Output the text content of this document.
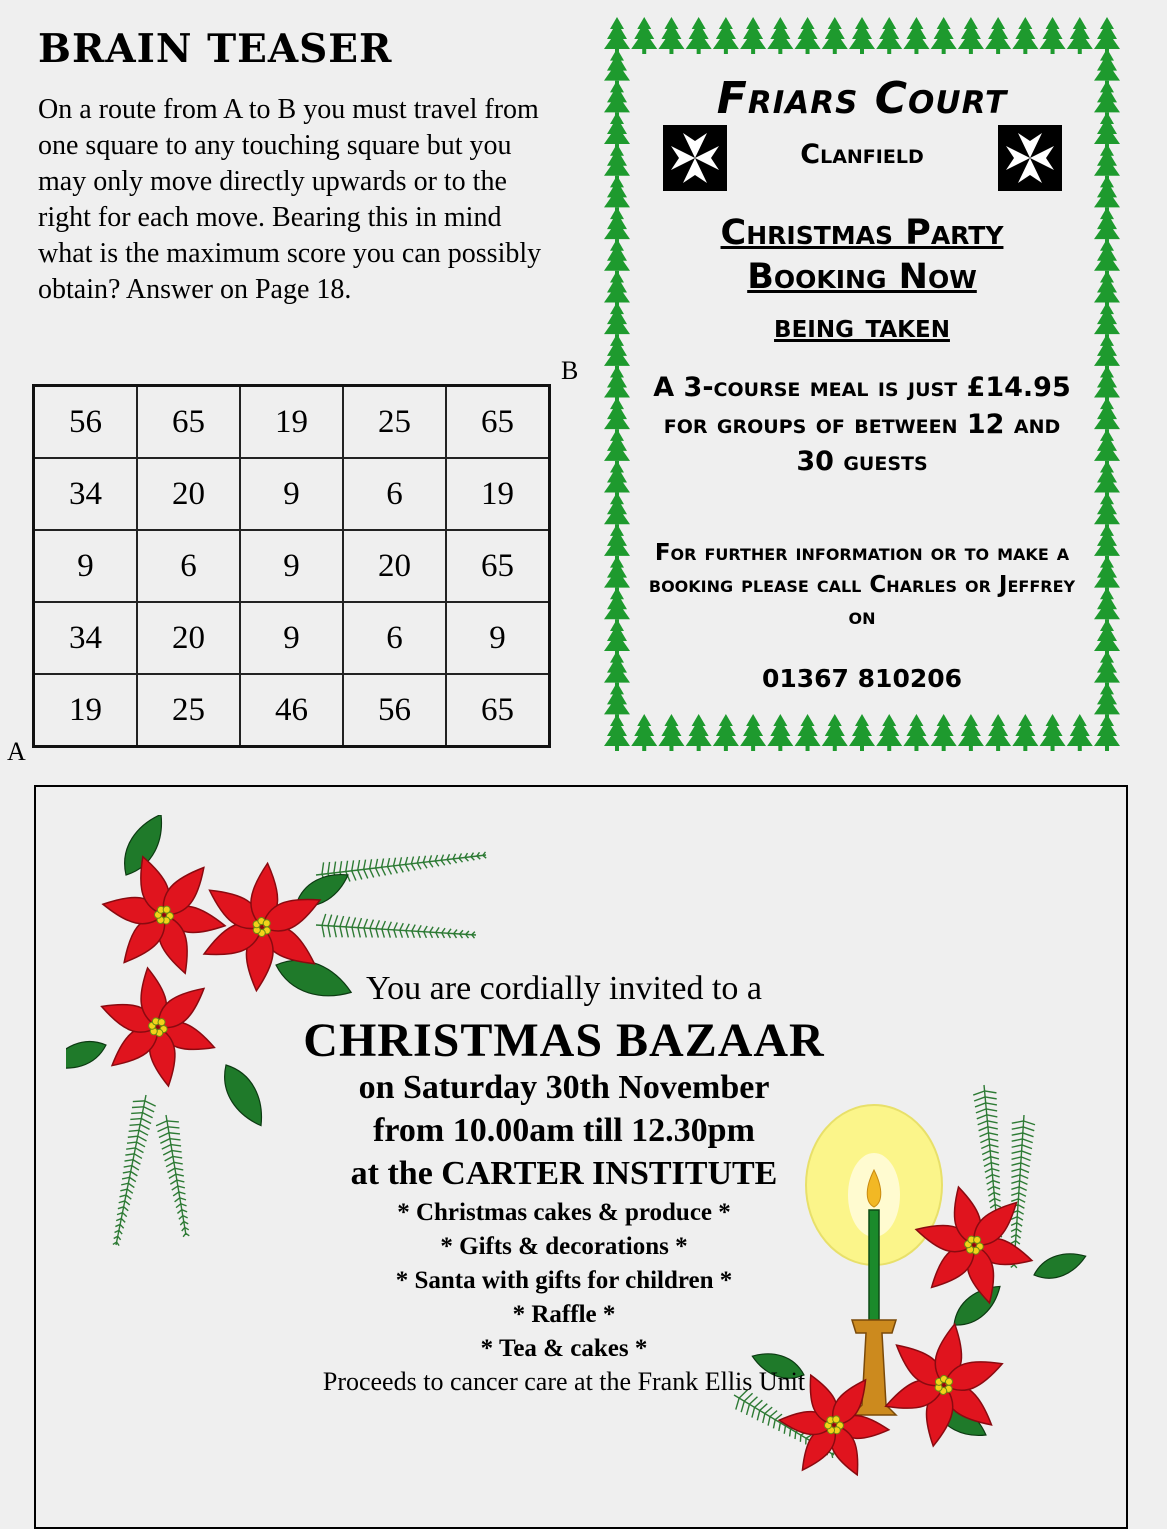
BRAIN TEASER

On a route from A to B you must travel from one square to any touching square but you may only move directly upwards or to the right for each move. Bearing this in mind what is the maximum score you can possibly obtain? Answer on Page 18.

B
A
56	65	19	25	65
34	20	9	6	19
9	6	9	20	65
34	20	9	6	9
19	25	46	56	65
Friars Court
Clanfield
Christmas Party
Booking Now
being taken
A 3-course meal is just £14.95 for groups of between 12 and 30 guests
For further information or to make a booking please call Charles or Jeffrey on
01367 810206
You are cordially invited to a
CHRISTMAS BAZAAR
on Saturday 30th November
from 10.00am till 12.30pm
at the CARTER INSTITUTE
* Christmas cakes & produce *
* Gifts & decorations *
* Santa with gifts for children *
* Raffle *
* Tea & cakes *
Proceeds to cancer care at the Frank Ellis Unit
